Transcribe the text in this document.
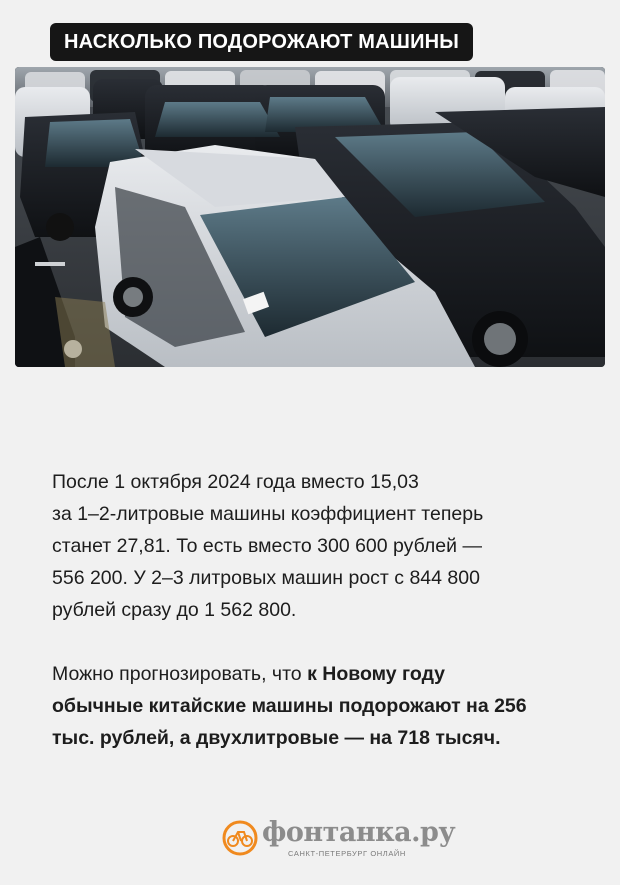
НАСКОЛЬКО ПОДОРОЖАЮТ МАШИНЫ

После 1 октября 2024 года вместо 15,03
за 1–2-литровые машины коэффициент теперь
станет 27,81. То есть вместо 300 600 рублей —
556 200. У 2–3 литровых машин рост с 844 800
рублей сразу до 1 562 800.

Можно прогнозировать, что к Новому году
обычные китайские машины подорожают на 256
тыс. рублей, а двухлитровые — на 718 тысяч.

фонтанка.ру
САНКТ-ПЕТЕРБУРГ ОНЛАЙН
